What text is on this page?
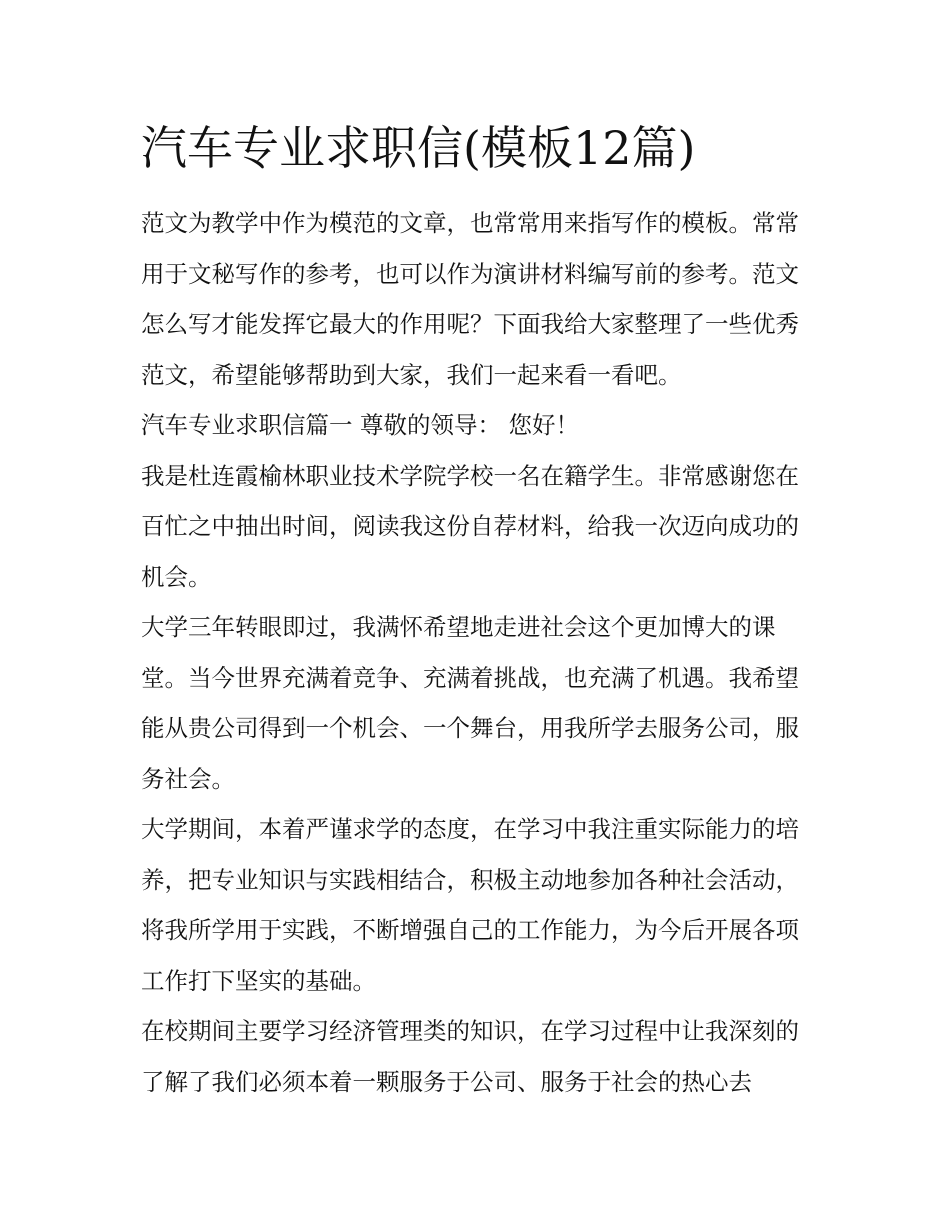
汽车专业求职信(模板12篇)

范文为教学中作为模范的文章，也常常用来指写作的模板。常常用于文秘写作的参考，也可以作为演讲材料编写前的参考。范文怎么写才能发挥它最大的作用呢？下面我给大家整理了一些优秀范文，希望能够帮助到大家，我们一起来看一看吧。

汽车专业求职信篇一 尊敬的领导： 您好！

我是杜连霞榆林职业技术学院学校一名在籍学生。非常感谢您在百忙之中抽出时间，阅读我这份自荐材料，给我一次迈向成功的机会。

大学三年转眼即过，我满怀希望地走进社会这个更加博大的课堂。当今世界充满着竞争、充满着挑战，也充满了机遇。我希望能从贵公司得到一个机会、一个舞台，用我所学去服务公司，服务社会。

大学期间，本着严谨求学的态度，在学习中我注重实际能力的培养，把专业知识与实践相结合，积极主动地参加各种社会活动，将我所学用于实践，不断增强自己的工作能力，为今后开展各项工作打下坚实的基础。

在校期间主要学习经济管理类的知识，在学习过程中让我深刻的了解了我们必须本着一颗服务于公司、服务于社会的热心去
